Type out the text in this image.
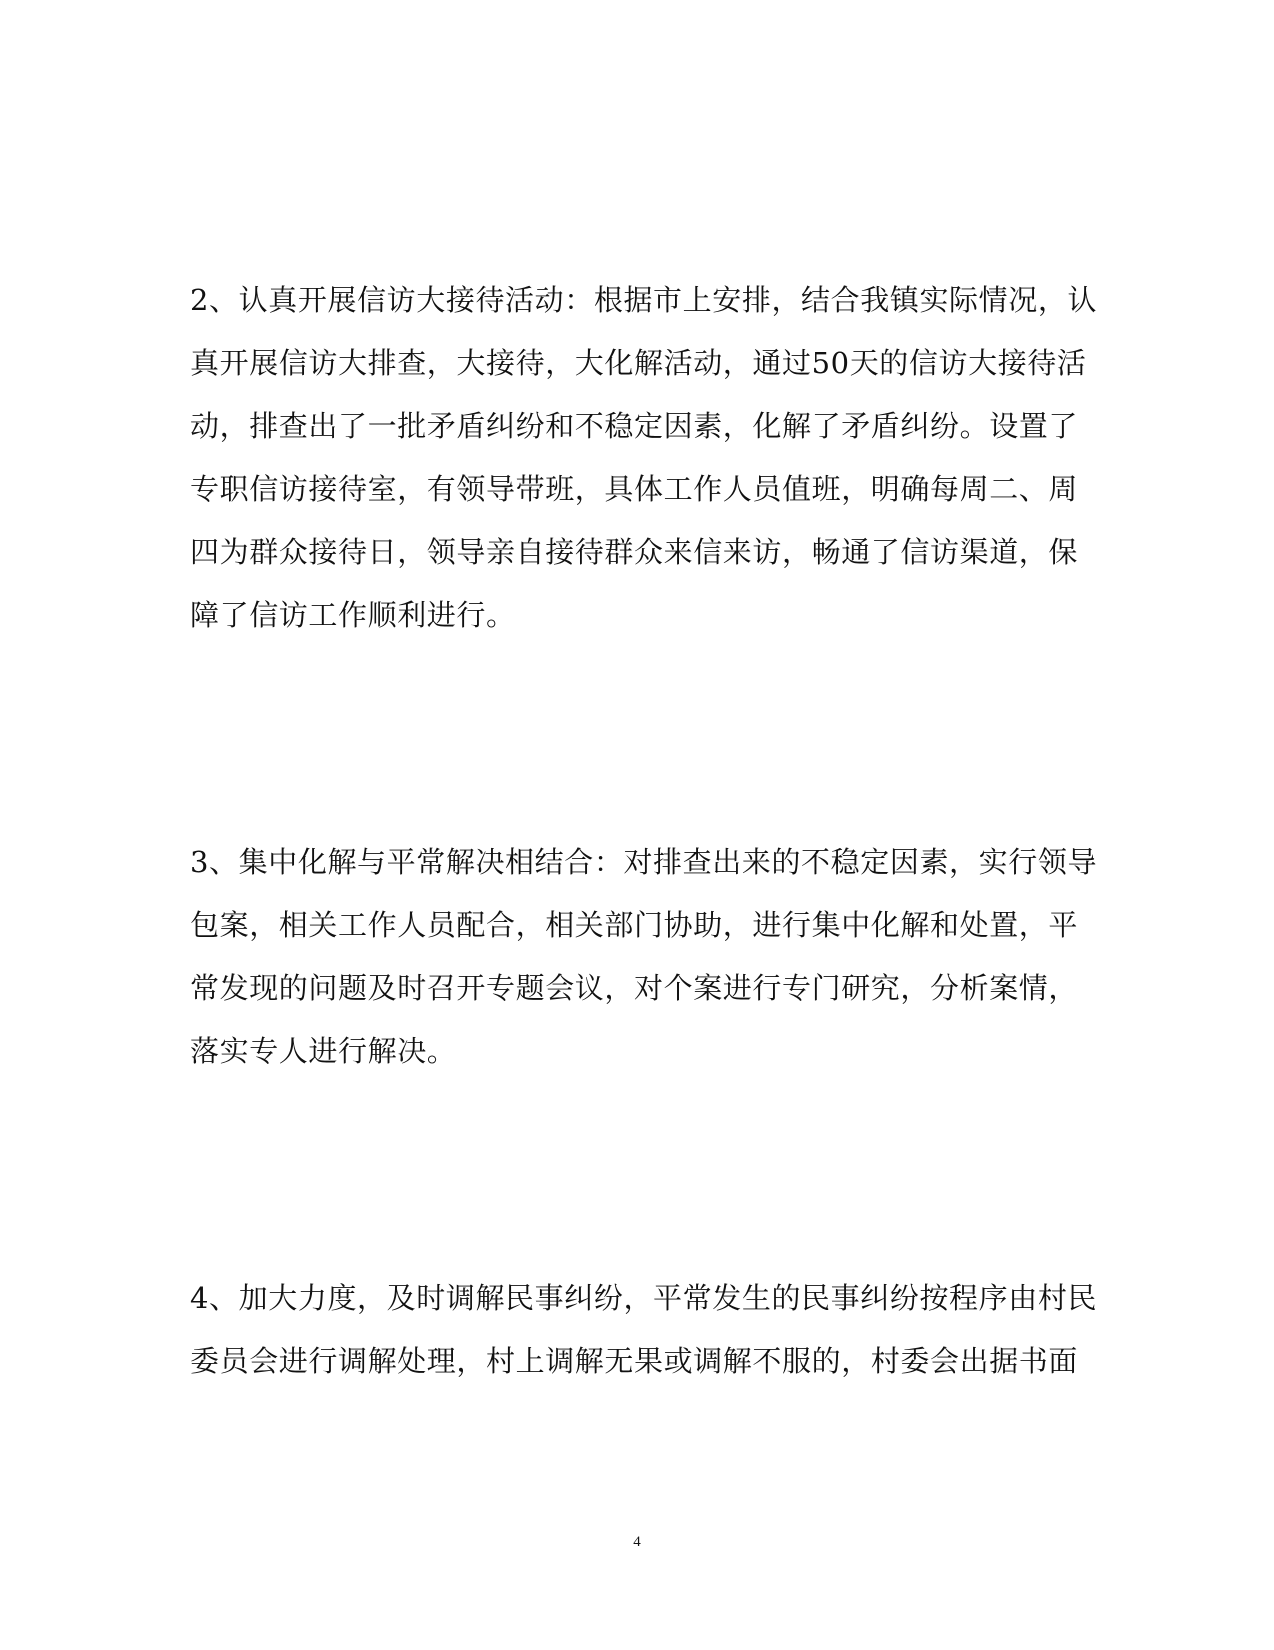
2、认真开展信访大接待活动：根据市上安排，结合我镇实际情况，认
真开展信访大排查，大接待，大化解活动，通过50天的信访大接待活
动，排查出了一批矛盾纠纷和不稳定因素，化解了矛盾纠纷。设置了
专职信访接待室，有领导带班，具体工作人员值班，明确每周二、周
四为群众接待日，领导亲自接待群众来信来访，畅通了信访渠道，保
障了信访工作顺利进行。
3、集中化解与平常解决相结合：对排查出来的不稳定因素，实行领导
包案，相关工作人员配合，相关部门协助，进行集中化解和处置，平
常发现的问题及时召开专题会议，对个案进行专门研究，分析案情，
落实专人进行解决。
4、加大力度，及时调解民事纠纷，平常发生的民事纠纷按程序由村民
委员会进行调解处理，村上调解无果或调解不服的，村委会出据书面
4
